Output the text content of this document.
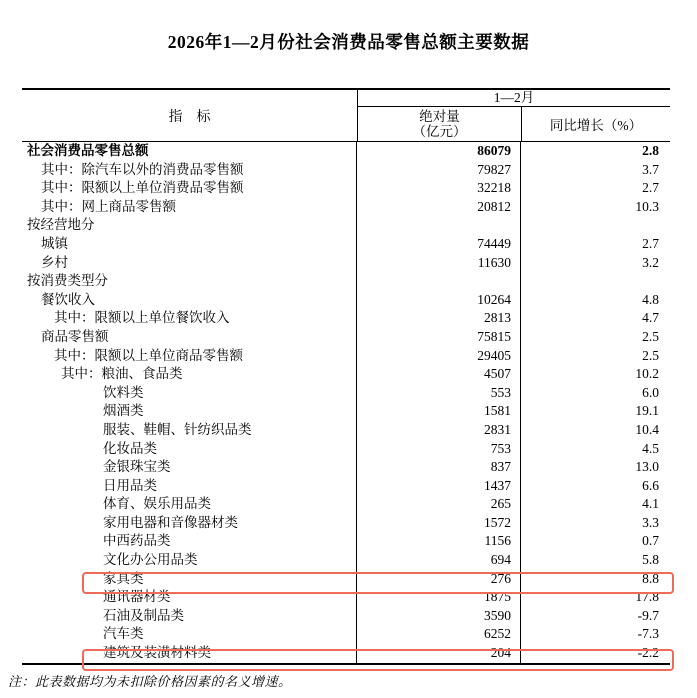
2026年1—2月份社会消费品零售总额主要数据
指　标
1—2月
绝对量
（亿元）	同比增长（%）
社会消费品零售总额	86079	2.8
其中：除汽车以外的消费品零售额	79827	3.7
其中：限额以上单位消费品零售额	32218	2.7
其中：网上商品零售额	20812	10.3
按经营地分
城镇	74449	2.7
乡村	11630	3.2
按消费类型分
餐饮收入	10264	4.8
其中：限额以上单位餐饮收入	2813	4.7
商品零售额	75815	2.5
其中：限额以上单位商品零售额	29405	2.5
其中：粮油、食品类	4507	10.2
饮料类	553	6.0
烟酒类	1581	19.1
服装、鞋帽、针纺织品类	2831	10.4
化妆品类	753	4.5
金银珠宝类	837	13.0
日用品类	1437	6.6
体育、娱乐用品类	265	4.1
家用电器和音像器材类	1572	3.3
中西药品类	1156	0.7
文化办公用品类	694	5.8
家具类	276	8.8
通讯器材类	1875	17.8
石油及制品类	3590	-9.7
汽车类	6252	-7.3
建筑及装潢材料类	204	-2.2
注：此表数据均为未扣除价格因素的名义增速。
